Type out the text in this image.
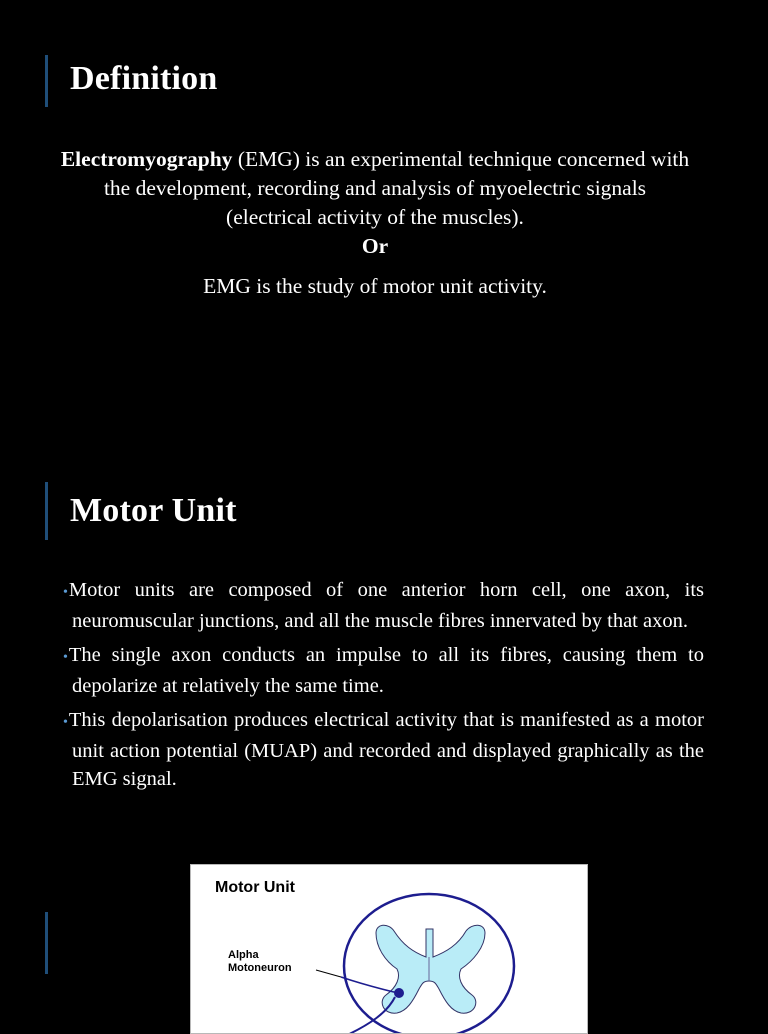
Definition
Electromyography (EMG) is an experimental technique concerned with the development, recording and analysis of myoelectric signals (electrical activity of the muscles).
Or
EMG is the study of motor unit activity.
Motor Unit
• Motor units are composed of one anterior horn cell, one axon, its neuromuscular junctions, and all the muscle fibres innervated by that axon.
• The single axon conducts an impulse to all its fibres, causing them to depolarize at relatively the same time.
• This depolarisation produces electrical activity that is manifested as a motor unit action potential (MUAP) and recorded and displayed graphically as the EMG signal.
Motor Unit
Alpha
Motoneuron
